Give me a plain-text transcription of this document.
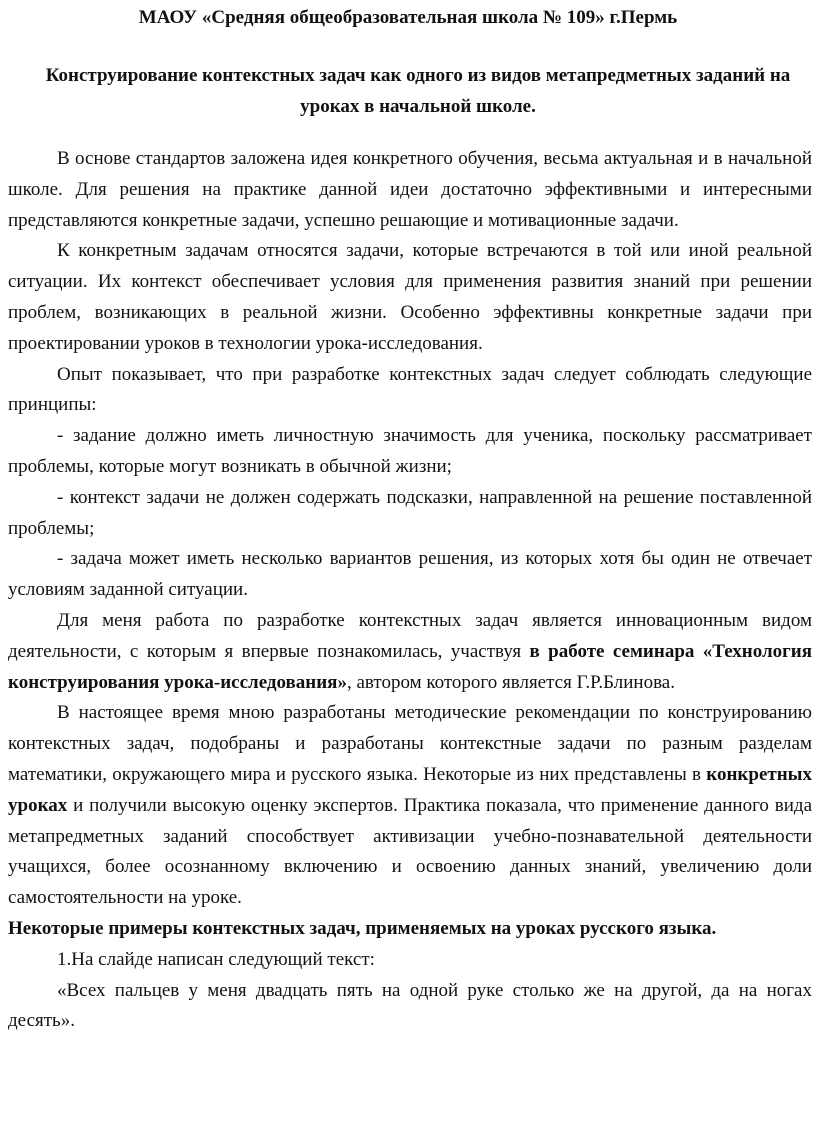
МАОУ «Средняя общеобразовательная школа № 109» г.Пермь

Конструирование контекстных задач как одного из видов метапредметных заданий на уроках в начальной школе.

В основе стандартов заложена идея конкретного обучения, весьма актуальная и в начальной школе. Для решения на практике данной идеи достаточно эффективными и интересными представляются конкретные задачи, успешно решающие и мотивационные задачи.

К конкретным задачам относятся задачи, которые встречаются в той или иной реальной ситуации. Их контекст обеспечивает условия для применения развития знаний при решении проблем, возникающих в реальной жизни. Особенно эффективны конкретные задачи при проектировании уроков в технологии урока-исследования.

Опыт показывает, что при разработке контекстных задач следует соблюдать следующие принципы:

- задание должно иметь личностную значимость для ученика, поскольку рассматривает проблемы, которые могут возникать в обычной жизни;

- контекст задачи не должен содержать подсказки, направленной на решение поставленной проблемы;

- задача может иметь несколько вариантов решения, из которых хотя бы один не отвечает условиям заданной ситуации.

Для меня работа по разработке контекстных задач является инновационным видом деятельности, с которым я впервые познакомилась, участвуя в работе семинара «Технология конструирования урока-исследования», автором которого является Г.Р.Блинова.

В настоящее время мною разработаны методические рекомендации по конструированию контекстных задач, подобраны и разработаны контекстные задачи по разным разделам математики, окружающего мира и русского языка. Некоторые из них представлены в конкретных уроках и получили высокую оценку экспертов. Практика показала, что применение данного вида метапредметных заданий способствует активизации учебно-познавательной деятельности учащихся, более осознанному включению и освоению данных знаний, увеличению доли самостоятельности на уроке.

Некоторые примеры контекстных задач, применяемых на уроках русского языка.

1.На слайде написан следующий текст:

«Всех пальцев у меня двадцать пять на одной руке столько же на другой, да на ногах десять».
